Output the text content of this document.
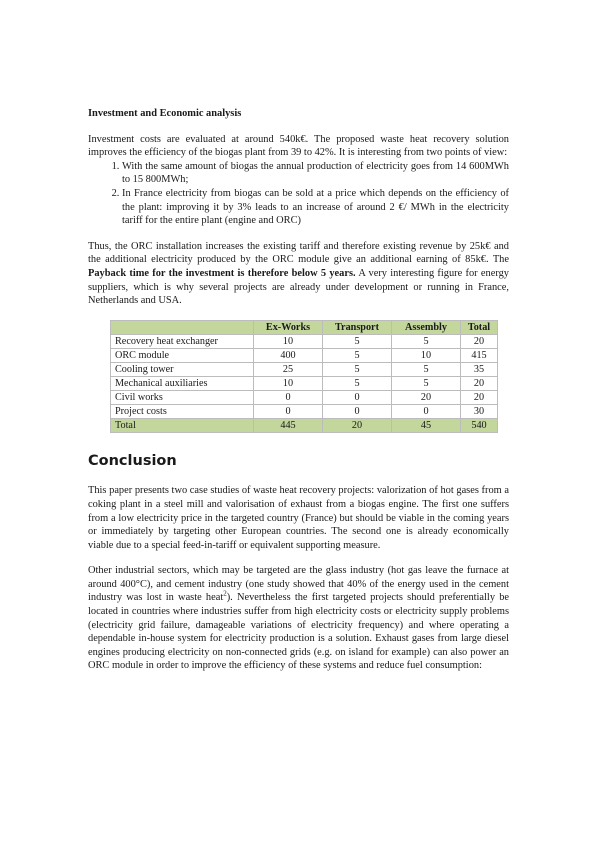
Investment and Economic analysis

Investment costs are evaluated at around 540k€. The proposed waste heat recovery solution improves the efficiency of the biogas plant from 39 to 42%. It is interesting from two points of view:

1. With the same amount of biogas the annual production of electricity goes from 14 600MWh to 15 800MWh;
2. In France electricity from biogas can be sold at a price which depends on the efficiency of the plant: improving it by 3% leads to an increase of around 2 €/ MWh in the electricity tariff for the entire plant (engine and ORC)

Thus, the ORC installation increases the existing tariff and therefore existing revenue by 25k€ and the additional electricity produced by the ORC module give an additional earning of 85k€. The Payback time for the investment is therefore below 5 years. A very interesting figure for energy suppliers, which is why several projects are already under development or running in France, Netherlands and USA.

	Ex-Works	Transport	Assembly	Total
Recovery heat exchanger	10	5	5	20
ORC module	400	5	10	415
Cooling tower	25	5	5	35
Mechanical auxiliaries	10	5	5	20
Civil works	0	0	20	20
Project costs	0	0	0	30
Total	445	20	45	540

Conclusion

This paper presents two case studies of waste heat recovery projects: valorization of hot gases from a coking plant in a steel mill and valorisation of exhaust from a biogas engine. The first one suffers from a low electricity price in the targeted country (France) but should be viable in the coming years or immediately by targeting other European countries. The second one is already economically viable due to a special feed-in-tariff or equivalent supporting measure.

Other industrial sectors, which may be targeted are the glass industry (hot gas leave the furnace at around 400°C), and cement industry (one study showed that 40% of the energy used in the cement industry was lost in waste heat$^2$). Nevertheless the first targeted projects should preferentially be located in countries where industries suffer from high electricity costs or electricity supply problems (electricity grid failure, damageable variations of electricity frequency) and where operating a dependable in-house system for electricity production is a solution. Exhaust gases from large diesel engines producing electricity on non-connected grids (e.g. on island for example) can also power an ORC module in order to improve the efficiency of these systems and reduce fuel consumption:
